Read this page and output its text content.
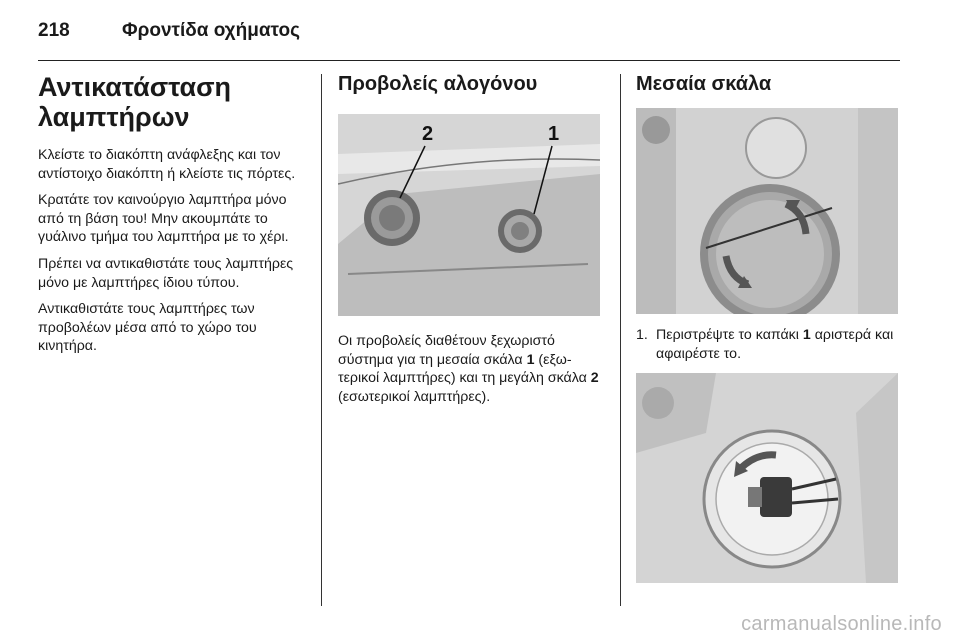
218	Φροντίδα οχήματος
Αντικατάσταση
λαμπτήρων

Κλείστε το διακόπτη ανάφλεξης και τον αντίστοιχο διακόπτη ή κλείστε τις πόρτες.

Κρατάτε τον καινούργιο λαμπτήρα μόνο από τη βάση του! Μην ακουμπάτε το γυάλινο τμήμα του λαμπτήρα με το χέρι.

Πρέπει να αντικαθιστάτε τους λαμπτήρες μόνο με λαμπτήρες ίδιου τύπου.

Αντικαθιστάτε τους λαμπτήρες των προβολέων μέσα από το χώρο του κινητήρα.

Προβολείς αλογόνου
2	1

Οι προβολείς διαθέτουν ξεχωριστό σύστημα για τη μεσαία σκάλα 1 (εξωτερικοί λαμπτήρες) και τη μεγάλη σκάλα 2 (εσωτερικοί λαμπτήρες).

Μεσαία σκάλα
1. Περιστρέψτε το καπάκι 1 αριστερά και αφαιρέστε το.
carmanualsonline.info
